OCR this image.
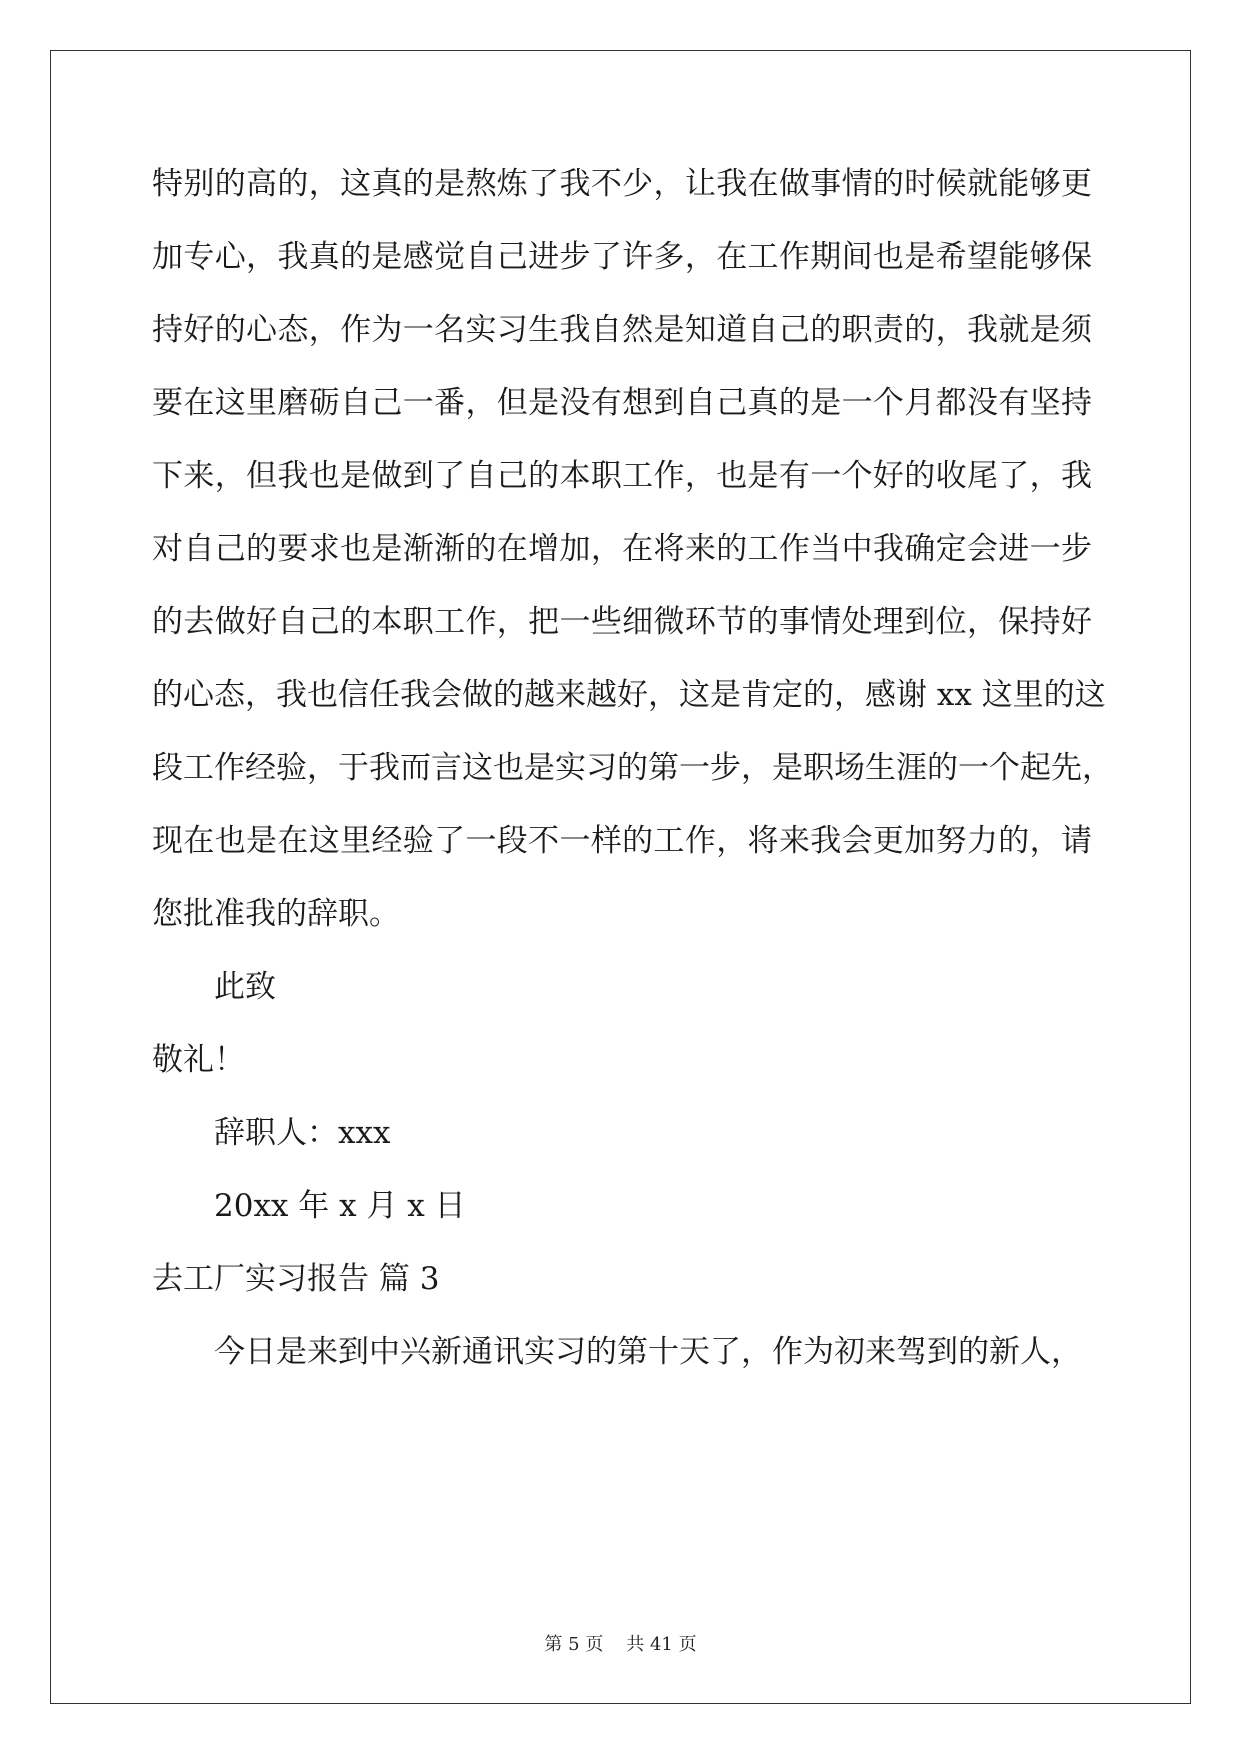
特别的高的，这真的是熬炼了我不少，让我在做事情的时候就能够更
加专心，我真的是感觉自己进步了许多，在工作期间也是希望能够保
持好的心态，作为一名实习生我自然是知道自己的职责的，我就是须
要在这里磨砺自己一番，但是没有想到自己真的是一个月都没有坚持
下来，但我也是做到了自己的本职工作，也是有一个好的收尾了，我
对自己的要求也是渐渐的在增加，在将来的工作当中我确定会进一步
的去做好自己的本职工作，把一些细微环节的事情处理到位，保持好
的心态，我也信任我会做的越来越好，这是肯定的，感谢 xx 这里的这
段工作经验，于我而言这也是实习的第一步，是职场生涯的一个起先，
现在也是在这里经验了一段不一样的工作，将来我会更加努力的，请
您批准我的辞职。
此致
敬礼！
辞职人：xxx
20xx 年 x 月 x 日
去工厂实习报告 篇 3
今日是来到中兴新通讯实习的第十天了，作为初来驾到的新人，
第 5 页 共 41 页
